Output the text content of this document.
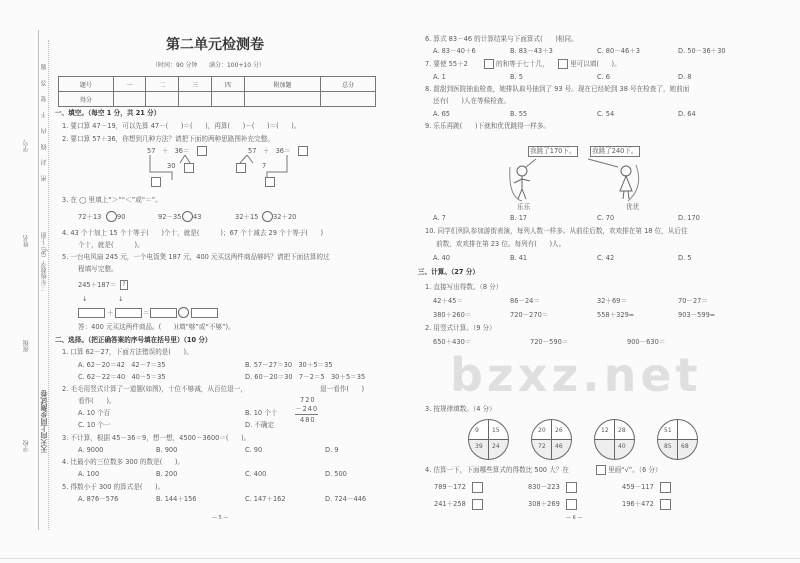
学号
姓名
班级
学校
密 封 线 内 不 要 答 题
三年级数学（RJ）·上册
天天向上同步测试卷
第二单元检测卷
（时间：90 分钟      满分：100+10 分）
题号	一	二	三	四	附加题	总分
得分						
一、填空。（每空 1 分，共 21 分）
1. 要口算 47－19，可以先算 47－(      )＝(      )，再算(      )－(      )＝(      )。
2. 要口算 57＋36，你想到几种方法？请把下面的两种思路图补充完整。
57 ＋ 36＝
30
57 ＋ 36＝
7
3. 在 ◯ 里填上“＞”“＜”或“＝”。
72＋13 90	92－35 43	32＋15 32＋20
4. 43 个十加上 15 个十等于(      )个十，就是(          )；67 个十减去 29 个十等于(      )
个十，就是(          )。
5. 一台电风扇 245 元，一个电饭煲 187 元，400 元买这两件商品够吗？请把下面估算的过
程填写完整。
245＋187＝	?
↓	↓
＋	＝
答：400 元买这两件商品。(      )(填“够”或“不够”)。
二、选择。（把正确答案的序号填在括号里）（10 分）
1. 口算 62－27，下面方法错误的是(      )。
A. 62－20＝42   42－7＝35	B. 57－27＝30   30＋5＝35
C. 62－22＝40   40－5＝35	D. 60－20＝30   7－2＝5   30＋5＝35
2. 毛毛用竖式计算了一道题(如图)，十位不够减，从百位退一，	退一看作(      )
看作(      )。	720
－240
480
A. 10 个百	B. 10 个十
C. 10 个一	D. 不确定
3. 不计算，根据 45－36＝9，想一想，4500－3600＝(      )。
A. 9000	B. 900	C. 90	D. 9
4. 比最小的三位数多 300 的数是(      )。
A. 100	B. 200	C. 400	D. 500
5. 得数小于 300 的算式是(      )。
A. 876－576	B. 144＋156	C. 147＋162	D. 724－446
— 5 —
6. 算式 83－46 的计算结果与下面算式(      )相同。
A. 83－40＋6	B. 83－43＋3	C. 80－46＋3	D. 50－36＋30
7. 要使 55＋2	的和等于七十几，	里可以填(      )。
A. 1	B. 5	C. 6	D. 8
8. 甜甜到医院抽血检查，她排队取号抽到了 93 号。现在已经轮到 38 号在检查了，她前面
还有(      )人在等候检查。
A. 65	B. 55	C. 54	D. 64
9. 乐乐再跳(      )下就和优优跳得一样多。
我跳了170下。	我跳了240下。
乐乐	优优
A. 7	B. 17	C. 70	D. 170
10. 同学们列队参加游街表演，每列人数一样多。从前往后数，欢欢排在第 18 位，从后往
前数，欢欢排在第 23 位。每列有(      )人。
A. 40	B. 41	C. 42	D. 5
三、计算。（27 分）
1. 直接写出得数。（8 分）
42＋45＝	86－24＝	32＋69＝	70－27＝
380＋260＝	720－270＝	558＋329≈	903－599≈
2. 用竖式计算。（9 分）
650＋430＝	720－590＝	900－630＝
bzxz.net
3. 按规律填数。（4 分）
9 15
39 24
20 26
72 46
12 28
40
51
85 68
4. 估算一下，下面哪些算式的得数比 500 大？在	里画“√”。（6 分）
789－172	830－223	459－117
241＋258	308＋269	196＋472
— 6 —
